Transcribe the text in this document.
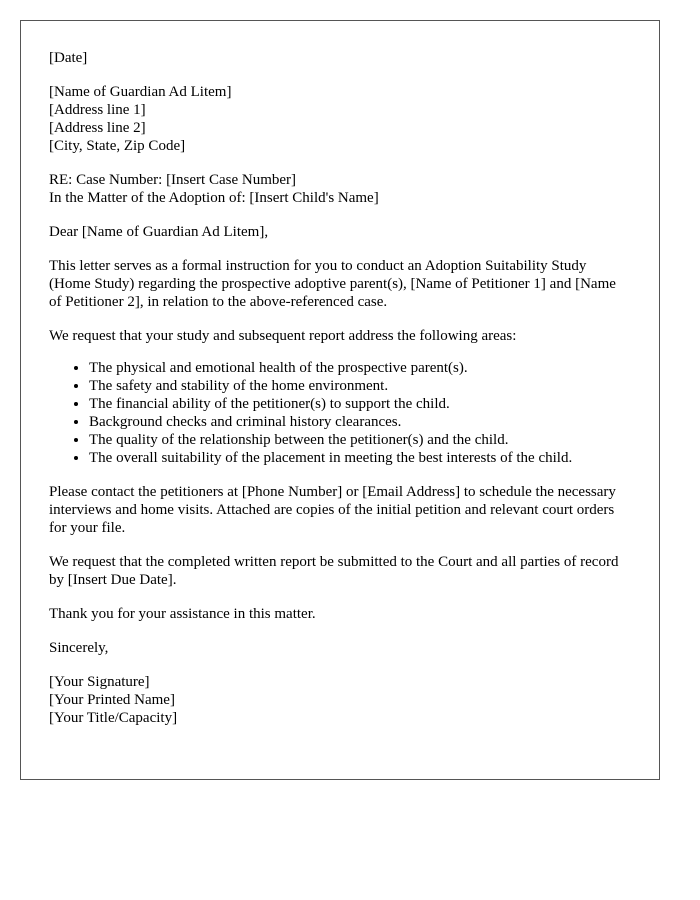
[Date]

[Name of Guardian Ad Litem]

[Address line 1]

[Address line 2]

[City, State, Zip Code]

RE: Case Number: [Insert Case Number]

In the Matter of the Adoption of: [Insert Child's Name]

Dear [Name of Guardian Ad Litem],

This letter serves as a formal instruction for you to conduct an Adoption Suitability Study (Home Study) regarding the prospective adoptive parent(s), [Name of Petitioner 1] and [Name of Petitioner 2], in relation to the above-referenced case.

We request that your study and subsequent report address the following areas:

• The physical and emotional health of the prospective parent(s).
• The safety and stability of the home environment.
• The financial ability of the petitioner(s) to support the child.
• Background checks and criminal history clearances.
• The quality of the relationship between the petitioner(s) and the child.
• The overall suitability of the placement in meeting the best interests of the child.

Please contact the petitioners at [Phone Number] or [Email Address] to schedule the necessary interviews and home visits. Attached are copies of the initial petition and relevant court orders for your file.

We request that the completed written report be submitted to the Court and all parties of record by [Insert Due Date].

Thank you for your assistance in this matter.

Sincerely,

[Your Signature]

[Your Printed Name]

[Your Title/Capacity]
